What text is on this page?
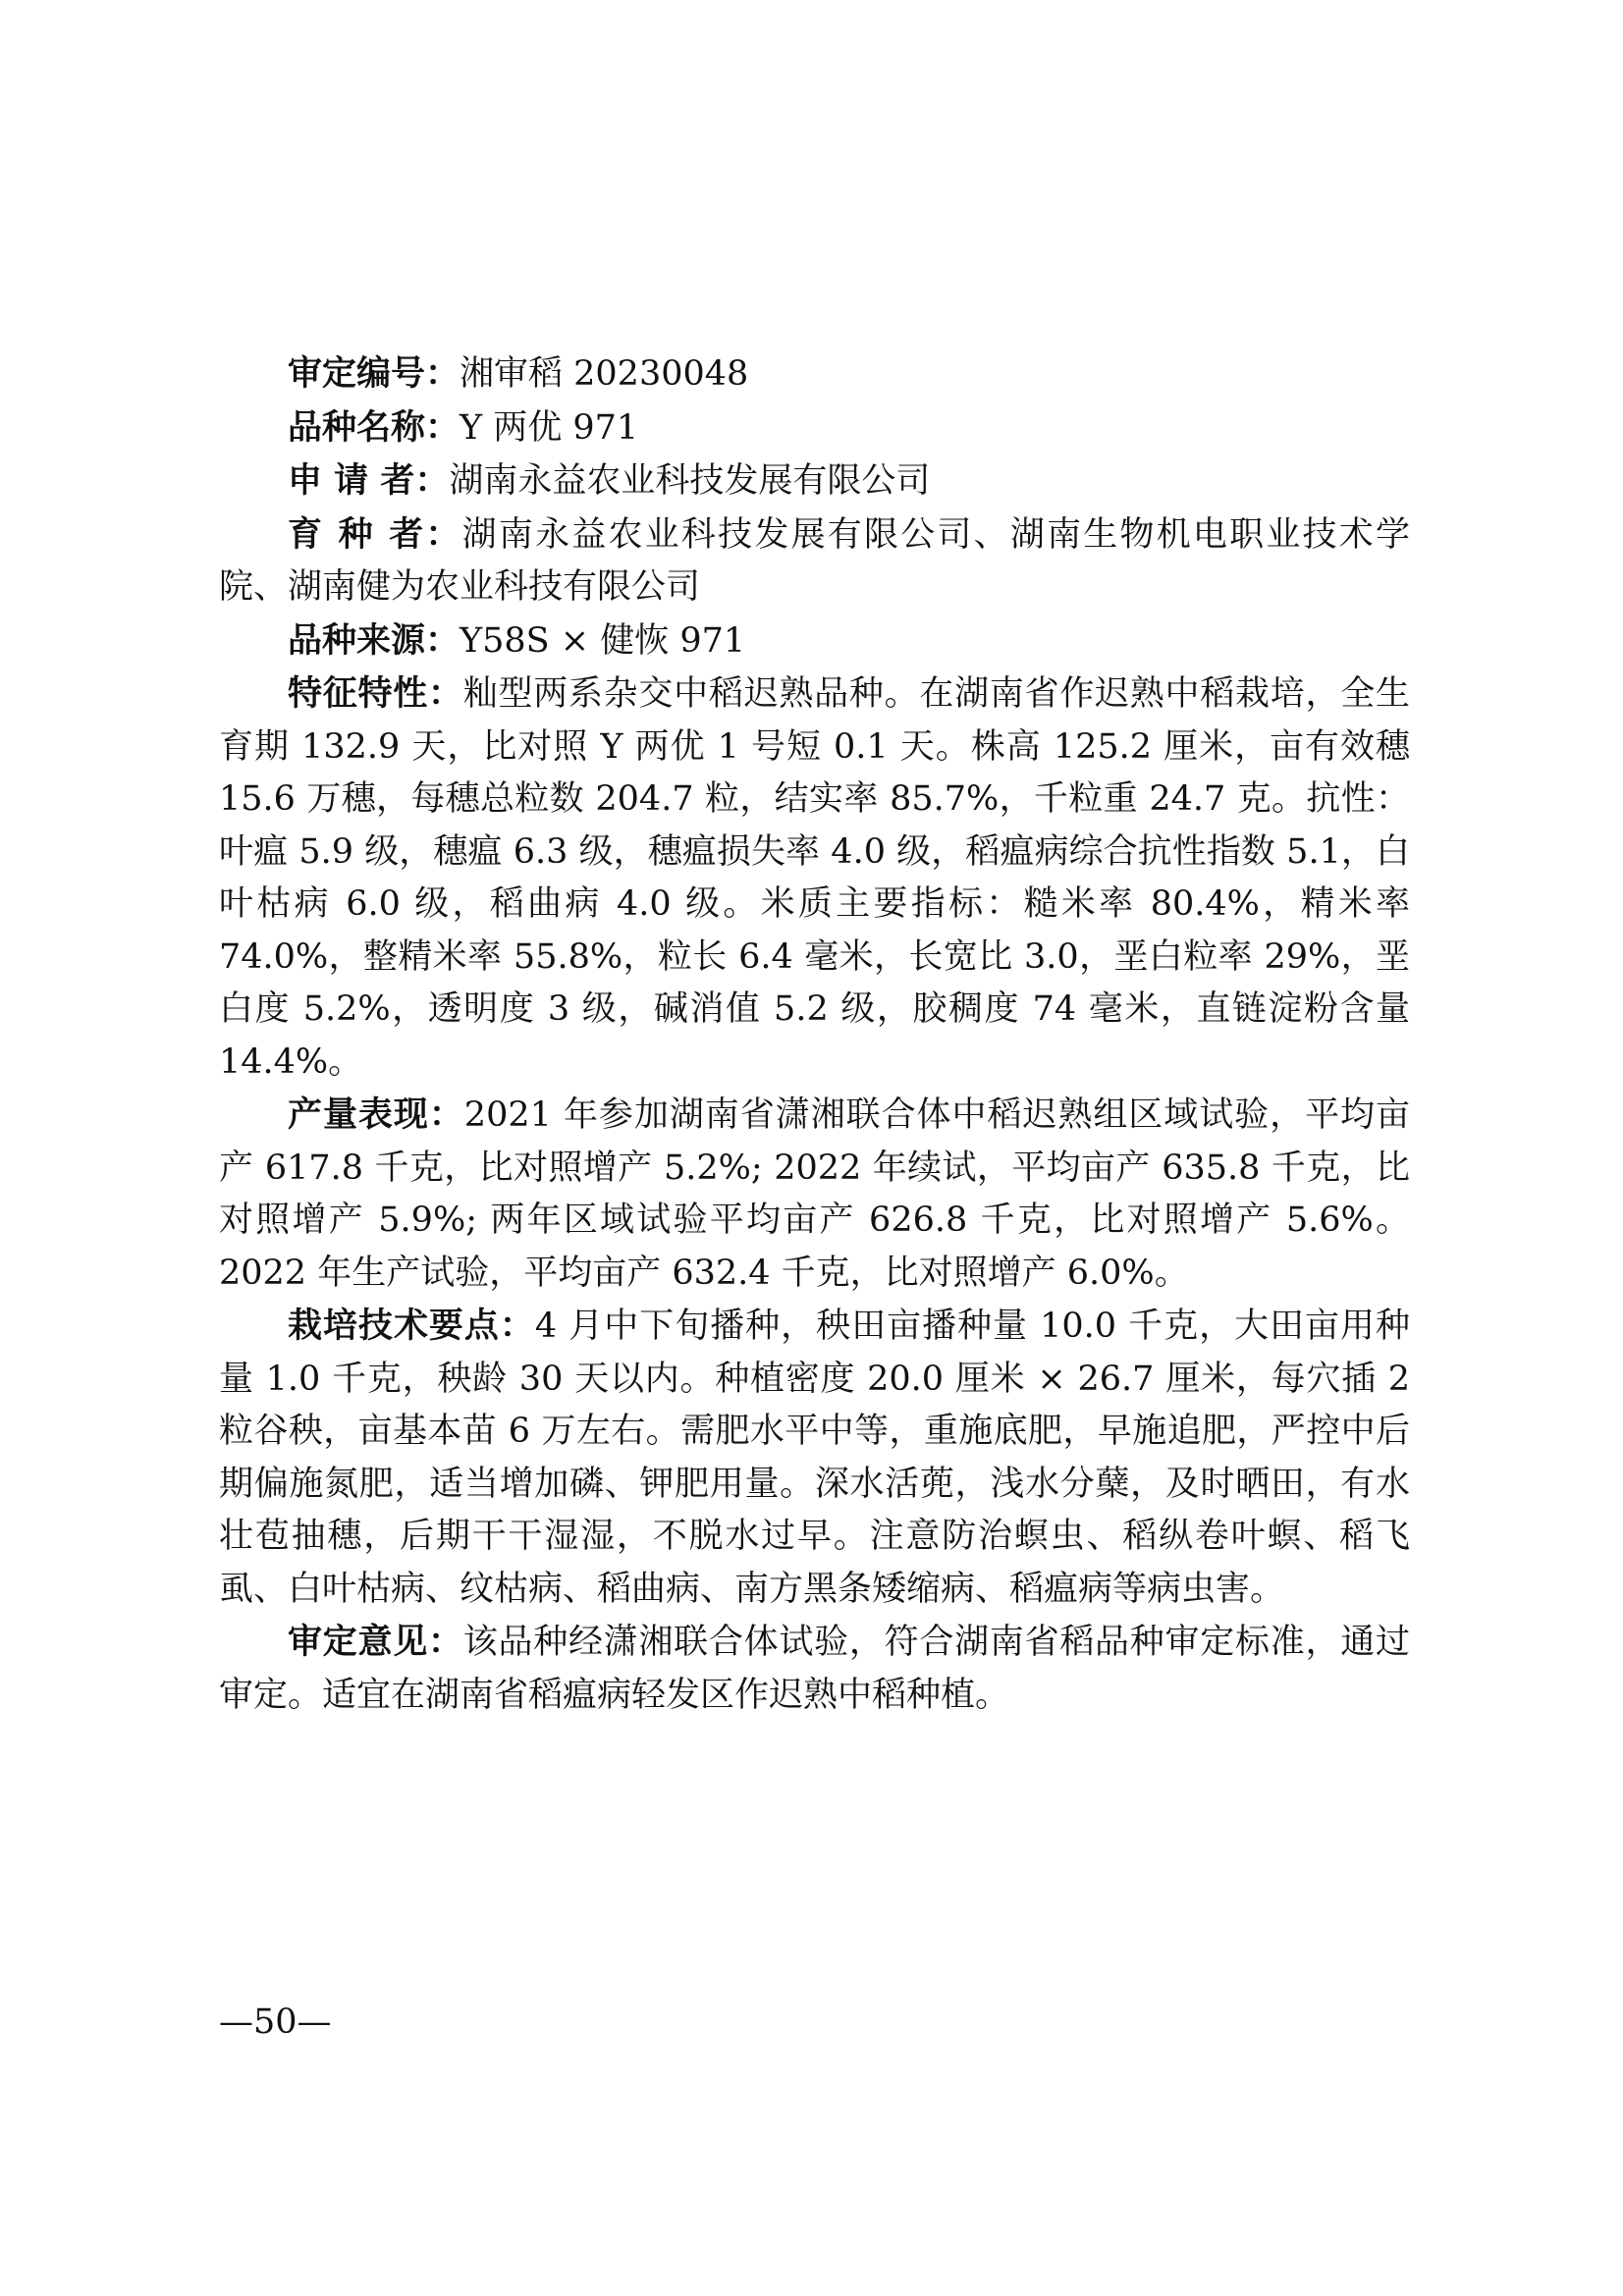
审定编号：湘审稻 20230048

品种名称：Y 两优 971

申 请 者：湖南永益农业科技发展有限公司

育 种 者：湖南永益农业科技发展有限公司、湖南生物机电职业技术学院、湖南健为农业科技有限公司

品种来源：Y58S × 健恢 971

特征特性：籼型两系杂交中稻迟熟品种。在湖南省作迟熟中稻栽培，全生育期 132.9 天，比对照 Y 两优 1 号短 0.1 天。株高 125.2 厘米，亩有效穗 15.6 万穗，每穗总粒数 204.7 粒，结实率 85.7%，千粒重 24.7 克。抗性：叶瘟 5.9 级，穗瘟 6.3 级，穗瘟损失率 4.0 级，稻瘟病综合抗性指数 5.1，白叶枯病 6.0 级，稻曲病 4.0 级。米质主要指标：糙米率 80.4%，精米率 74.0%，整精米率 55.8%，粒长 6.4 毫米，长宽比 3.0，垩白粒率 29%，垩白度 5.2%，透明度 3 级，碱消值 5.2 级，胶稠度 74 毫米，直链淀粉含量 14.4%。

产量表现：2021 年参加湖南省潇湘联合体中稻迟熟组区域试验，平均亩产 617.8 千克，比对照增产 5.2%; 2022 年续试，平均亩产 635.8 千克，比对照增产 5.9%; 两年区域试验平均亩产 626.8 千克，比对照增产 5.6%。2022 年生产试验，平均亩产 632.4 千克，比对照增产 6.0%。

栽培技术要点：4 月中下旬播种，秧田亩播种量 10.0 千克，大田亩用种量 1.0 千克，秧龄 30 天以内。种植密度 20.0 厘米 × 26.7 厘米，每穴插 2 粒谷秧，亩基本苗 6 万左右。需肥水平中等，重施底肥，早施追肥，严控中后期偏施氮肥，适当增加磷、钾肥用量。深水活蔸，浅水分蘖，及时晒田，有水壮苞抽穗，后期干干湿湿，不脱水过早。注意防治螟虫、稻纵卷叶螟、稻飞虱、白叶枯病、纹枯病、稻曲病、南方黑条矮缩病、稻瘟病等病虫害。

审定意见：该品种经潇湘联合体试验，符合湖南省稻品种审定标准，通过审定。适宜在湖南省稻瘟病轻发区作迟熟中稻种植。

—50—
